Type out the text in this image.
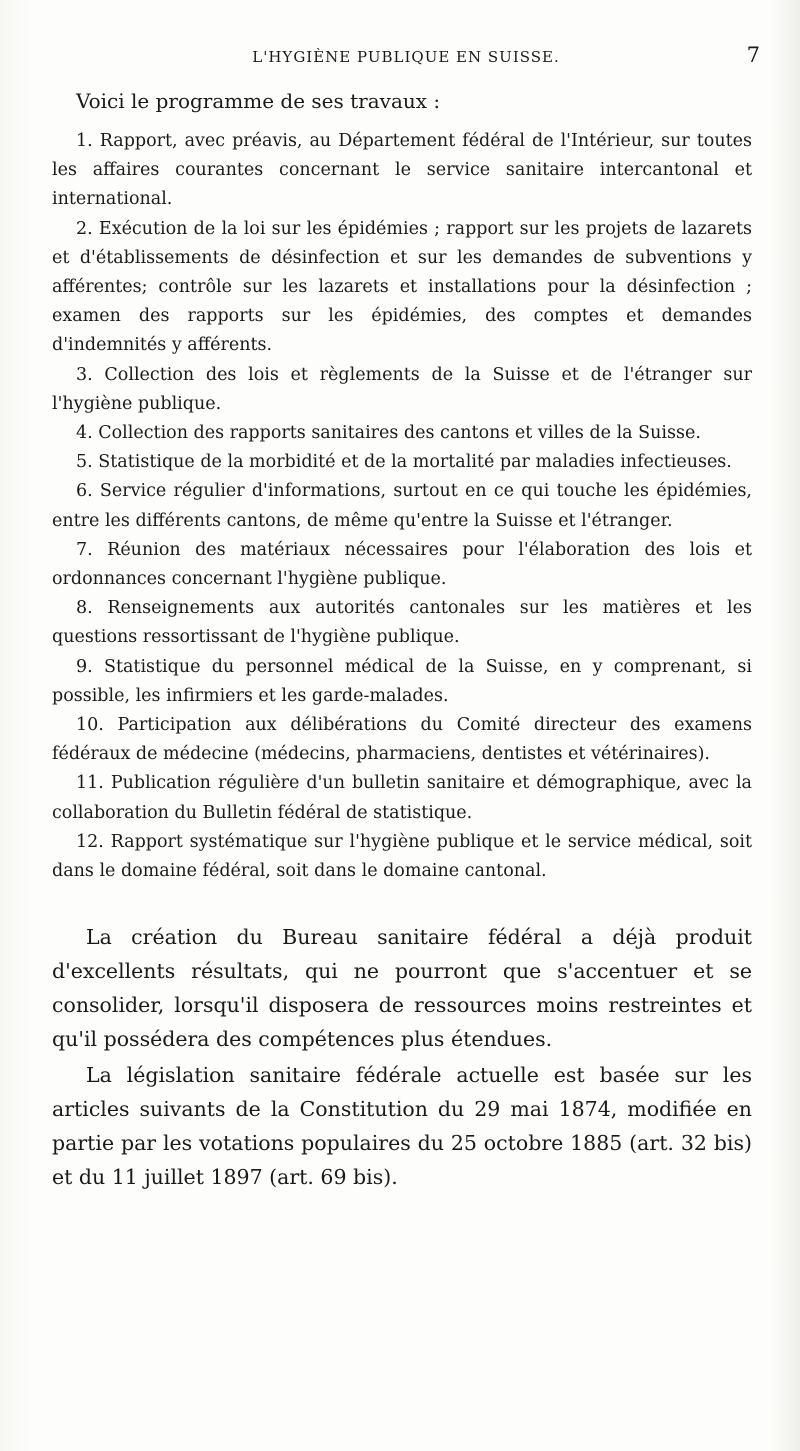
L'HYGIÈNE PUBLIQUE EN SUISSE.	7

Voici le programme de ses travaux :

1. Rapport, avec préavis, au Département fédéral de l'Intérieur, sur toutes les affaires courantes concernant le service sanitaire intercantonal et international.

2. Exécution de la loi sur les épidémies ; rapport sur les projets de lazarets et d'établissements de désinfection et sur les demandes de subventions y afférentes; contrôle sur les lazarets et installations pour la désinfection ; examen des rapports sur les épidémies, des comptes et demandes d'indemnités y afférents.

3. Collection des lois et règlements de la Suisse et de l'étranger sur l'hygiène publique.

4. Collection des rapports sanitaires des cantons et villes de la Suisse.

5. Statistique de la morbidité et de la mortalité par maladies infectieuses.

6. Service régulier d'informations, surtout en ce qui touche les épidémies, entre les différents cantons, de même qu'entre la Suisse et l'étranger.

7. Réunion des matériaux nécessaires pour l'élaboration des lois et ordonnances concernant l'hygiène publique.

8. Renseignements aux autorités cantonales sur les matières et les questions ressortissant de l'hygiène publique.

9. Statistique du personnel médical de la Suisse, en y comprenant, si possible, les infirmiers et les garde-malades.

10. Participation aux délibérations du Comité directeur des examens fédéraux de médecine (médecins, pharmaciens, dentistes et vétérinaires).

11. Publication régulière d'un bulletin sanitaire et démographique, avec la collaboration du Bulletin fédéral de statistique.

12. Rapport systématique sur l'hygiène publique et le service médical, soit dans le domaine fédéral, soit dans le domaine cantonal.

La création du Bureau sanitaire fédéral a déjà produit d'excellents résultats, qui ne pourront que s'accentuer et se consolider, lorsqu'il disposera de ressources moins restreintes et qu'il possédera des compétences plus étendues.

La législation sanitaire fédérale actuelle est basée sur les articles suivants de la Constitution du 29 mai 1874, modifiée en partie par les votations populaires du 25 octobre 1885 (art. 32 bis) et du 11 juillet 1897 (art. 69 bis).
